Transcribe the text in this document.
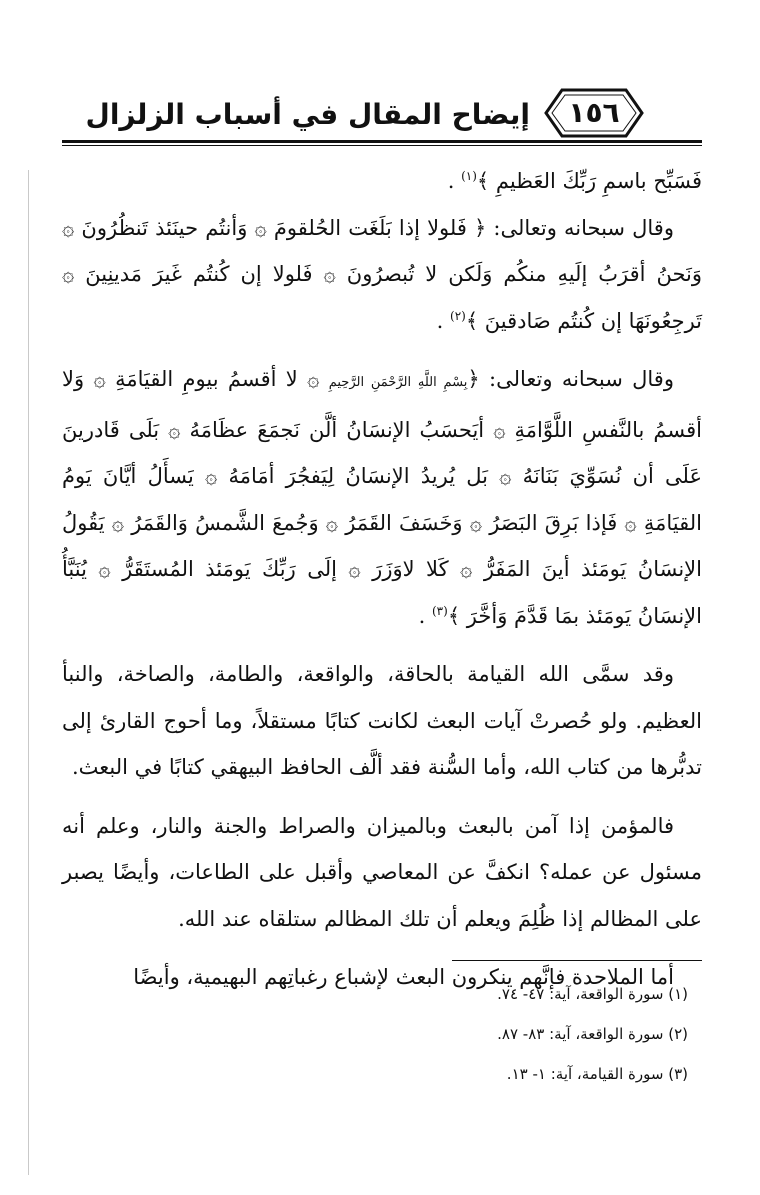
إيضاح المقال في أسباب الزلزال	١٥٦

فَسَبِّح باسمِ رَبِّكَ العَظيمِ ﴾$^{(١)}$ .

وقال سبحانه وتعالى: ﴿ فَلولا إذا بَلَغَت الحُلقومَ ۞ وَأنتُم حينَئذ تَنظُرُونَ ۞ وَنَحنُ أقرَبُ إلَيهِ منكُم وَلَكن لا تُبصرُونَ ۞ فَلولا إن كُنتُم غَيرَ مَدينِينَ ۞ تَرجِعُونَهَا إن كُنتُم صَادقينَ ﴾$^{(٢)}$ .

وقال سبحانه وتعالى: ﴿بِسْمِ اللَّهِ الرَّحْمَنِ الرَّحِيمِ ۞ لا أقسمُ بيومِ القيَامَةِ ۞ وَلا أقسمُ بالنَّفسِ اللَّوَّامَةِ ۞ أيَحسَبُ الإنسَانُ ألَّن نَجمَعَ عظَامَهُ ۞ بَلَى قَادرينَ عَلَى أن نُسَوِّيَ بَنَانَهُ ۞ بَل يُريدُ الإنسَانُ لِيَفجُرَ أمَامَهُ ۞ يَسأَلُ أيَّانَ يَومُ القيَامَةِ ۞ فَإذا بَرِقَ البَصَرُ ۞ وَخَسَفَ القَمَرُ ۞ وَجُمعَ الشَّمسُ وَالقَمَرُ ۞ يَقُولُ الإنسَانُ يَومَئذ أينَ المَفَرُّ ۞ كَلا لاوَزَرَ ۞ إلَى رَبِّكَ يَومَئذ المُستَقَرُّ ۞ يُنَبَّأُ الإنسَانُ يَومَئذ بمَا قَدَّمَ وَأخَّرَ ﴾$^{(٣)}$ .

وقد سمَّى الله القيامة بالحاقة، والواقعة، والطامة، والصاخة، والنبأ العظيم. ولو حُصرتْ آيات البعث لكانت كتابًا مستقلاً، وما أحوج القارئ إلى تدبُّرها من كتاب الله، وأما السُّنة فقد ألَّف الحافظ البيهقي كتابًا في البعث.

فالمؤمن إذا آمن بالبعث وبالميزان والصراط والجنة والنار، وعلم أنه مسئول عن عمله؟ انكفَّ عن المعاصي وأقبل على الطاعات، وأيضًا يصبر على المظالم إذا ظُلِمَ ويعلم أن تلك المظالم ستلقاه عند الله.

أما الملاحدة فإنَّهم ينكرون البعث لإشباع رغباتِهم البهيمية، وأيضًا

(١) سورة الواقعة، آية: ٤٧- ٧٤.
(٢) سورة الواقعة، آية: ٨٣- ٨٧.
(٣) سورة القيامة، آية: ١- ١٣.
